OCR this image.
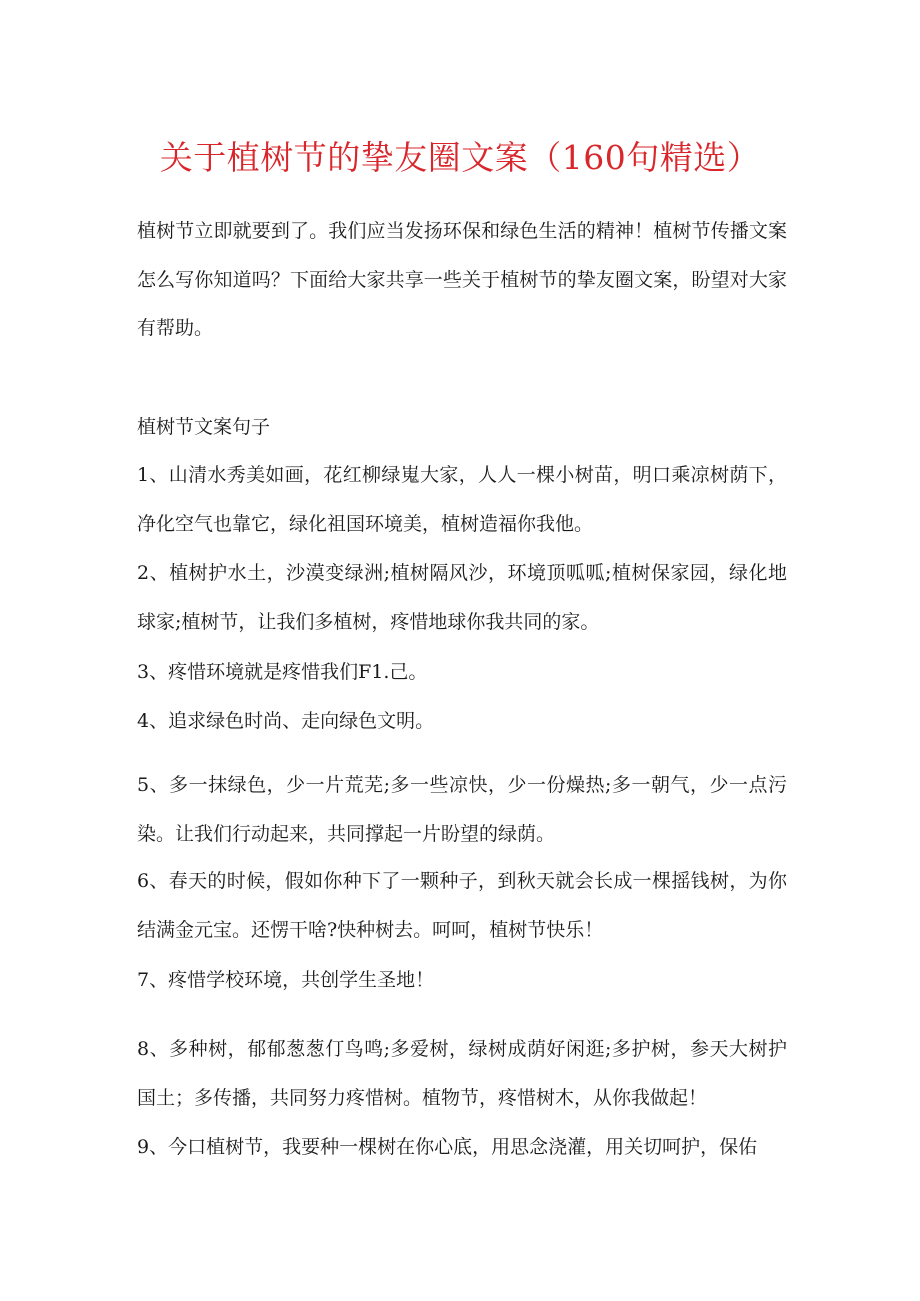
关于植树节的挚友圈文案（160句精选）
植树节立即就要到了。我们应当发扬环保和绿色生活的精神！植树节传播文案怎么写你知道吗？下面给大家共享一些关于植树节的挚友圈文案，盼望对大家有帮助。
植树节文案句子

1、山清水秀美如画，花红柳绿嵬大家，人人一棵小树苗，明口乘凉树荫下，净化空气也靠它，绿化祖国环境美，植树造福你我他。

2、植树护水土，沙漠变绿洲;植树隔风沙，环境顶呱呱;植树保家园，绿化地球家;植树节，让我们多植树，疼惜地球你我共同的家。

3、疼惜环境就是疼惜我们F1.己。

4、追求绿色时尚、走向绿色文明。

5、多一抹绿色，少一片荒芜;多一些凉快，少一份燥热;多一朝气，少一点污染。让我们行动起来，共同撑起一片盼望的绿荫。

6、春天的时候，假如你种下了一颗种子，到秋天就会长成一棵摇钱树，为你结满金元宝。还愣干啥?快种树去。呵呵，植树节快乐！

7、疼惜学校环境，共创学生圣地！

8、多种树，郁郁葱葱仃鸟鸣;多爱树，绿树成荫好闲逛;多护树，参天大树护国土；多传播，共同努力疼惜树。植物节，疼惜树木，从你我做起！

9、今口植树节，我要种一棵树在你心底，用思念浇灌，用关切呵护，保佑
